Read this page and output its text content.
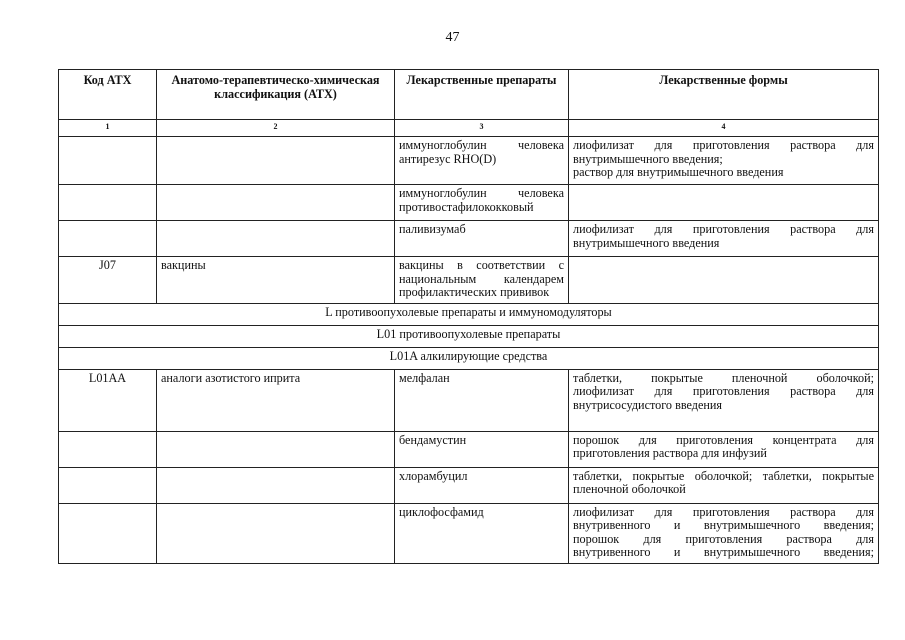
47
Код АТХ	Анатомо-терапевтическо-химическая классификация (АТХ)	Лекарственные препараты	Лекарственные формы
1	2	3	4

		иммуноглобулин человека
антирезус RHO(D)	лиофилизат для приготовления раствора для
внутримышечного введения;
раствор для внутримышечного введения

		иммуноглобулин человека
противостафилококковый	

		паливизумаб	лиофилизат для приготовления раствора для
внутримышечного введения

J07	вакцины	вакцины в соответствии с
национальным календарем
профилактических прививок	

L противоопухолевые препараты и иммуномодуляторы			
L01 противоопухолевые препараты			
L01A алкилирующие средства			
L01AA	аналоги азотистого иприта	мелфалан	таблетки, покрытые пленочной оболочкой;
лиофилизат для приготовления раствора для
внутрисосудистого введения

		бендамустин	порошок для приготовления концентрата для
приготовления раствора для инфузий

		хлорамбуцил	таблетки, покрытые оболочкой; таблетки, покрытые
пленочной оболочкой

		циклофосфамид	лиофилизат для приготовления раствора для
внутривенного и внутримышечного введения;
порошок для приготовления раствора для
внутривенного и внутримышечного введения;
